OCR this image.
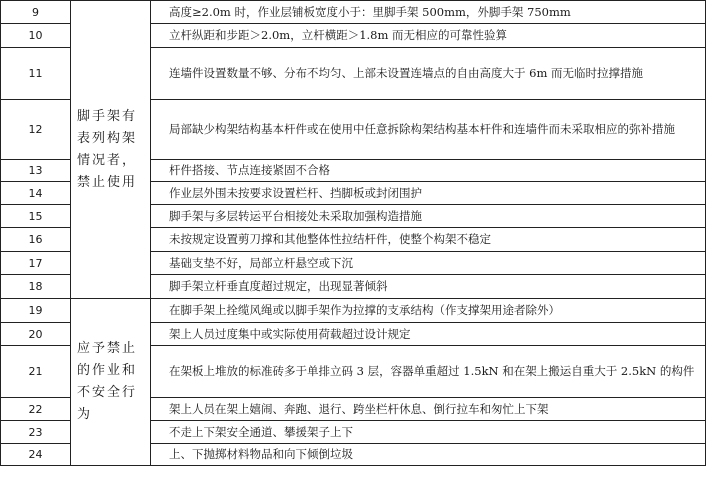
9	脚手架有表列构架情况者，禁止使用	高度≥2.0m 时，作业层铺板宽度小于：里脚手架 500mm，外脚手架 750mm
10		立杆纵距和步距＞2.0m，立杆横距＞1.8m 而无相应的可靠性验算
11		连墙件设置数量不够、分布不均匀、上部未设置连墙点的自由高度大于 6m 而无临时拉撑措施
12		局部缺少构架结构基本杆件或在使用中任意拆除构架结构基本杆件和连墙件而未采取相应的弥补措施
13		杆件搭接、节点连接紧固不合格
14		作业层外围未按要求设置栏杆、挡脚板或封闭围护
15		脚手架与多层转运平台相接处未采取加强构造措施
16		未按规定设置剪刀撑和其他整体性拉结杆件，使整个构架不稳定
17		基础支垫不好，局部立杆悬空或下沉
18		脚手架立杆垂直度超过规定，出现显著倾斜
19	应予禁止的作业和不安全行为	在脚手架上拴缆风绳或以脚手架作为拉撑的支承结构（作支撑架用途者除外）
20		架上人员过度集中或实际使用荷载超过设计规定
21		在架板上堆放的标准砖多于单排立码 3 层，容器单重超过 1.5kN 和在架上搬运自重大于 2.5kN 的构件
22		架上人员在架上嬉闹、奔跑、退行、跨坐栏杆休息、倒行拉车和匆忙上下架
23		不走上下架安全通道、攀援架子上下
24		上、下抛掷材料物品和向下倾倒垃圾
